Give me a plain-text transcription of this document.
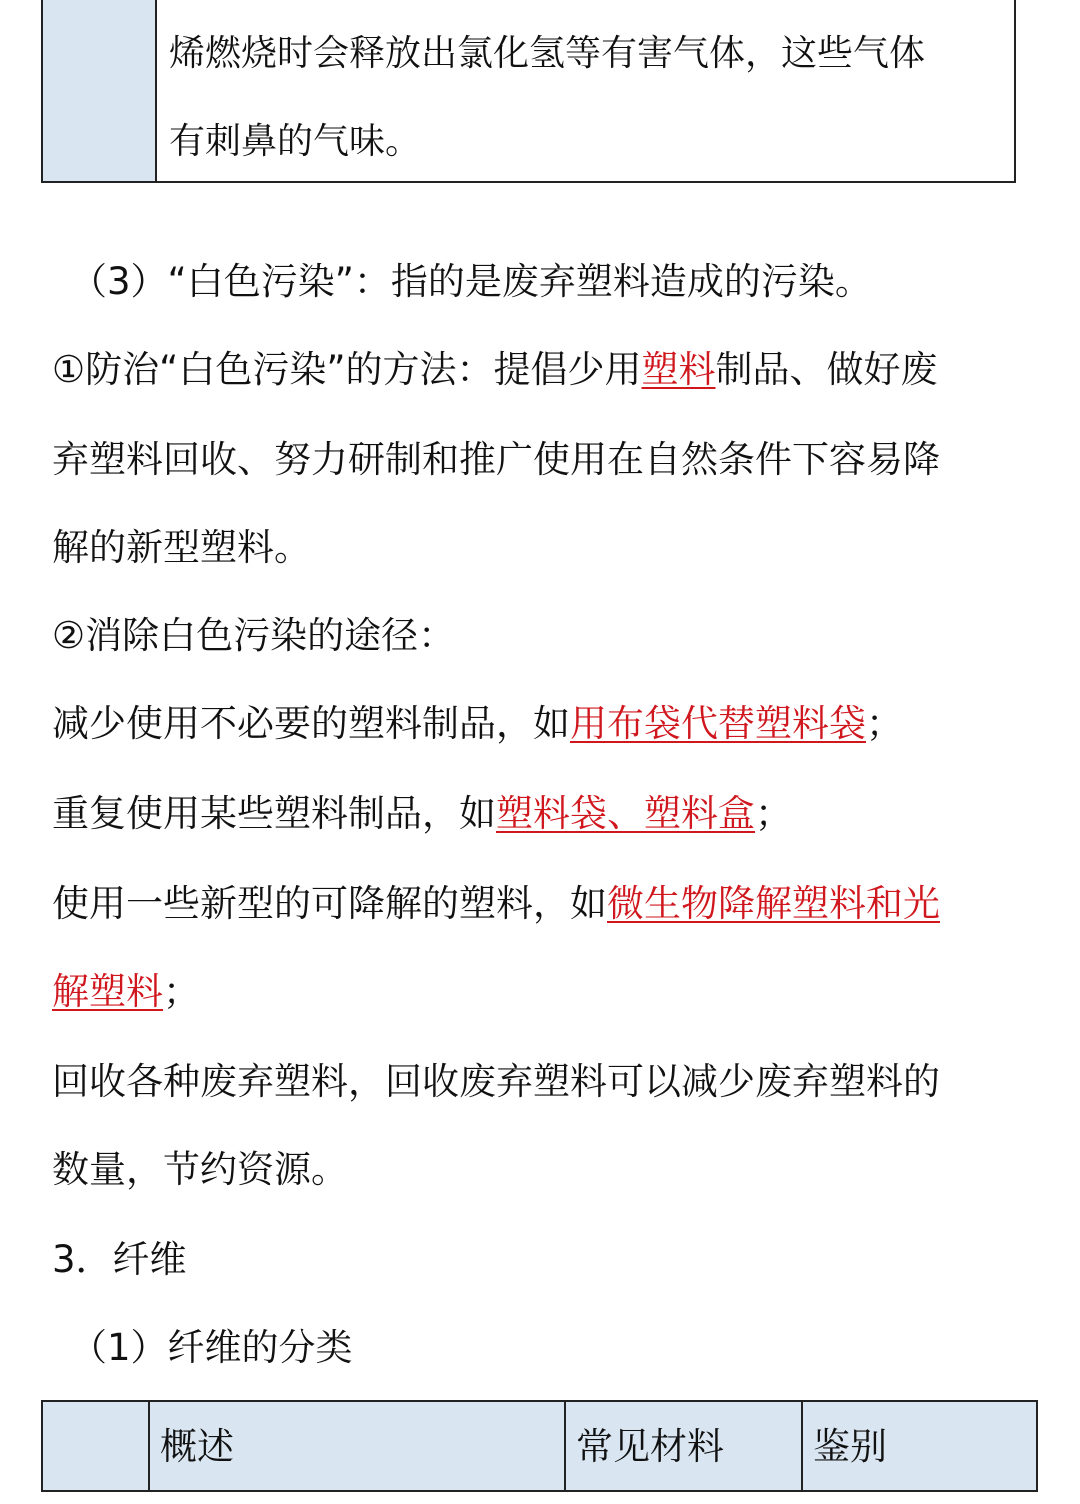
烯燃烧时会释放出氯化氢等有害气体，这些气体
有刺鼻的气味。
（3）“白色污染”：指的是废弃塑料造成的污染。
①防治“白色污染”的方法：提倡少用塑料制品、做好废
弃塑料回收、努力研制和推广使用在自然条件下容易降
解的新型塑料。
②消除白色污染的途径：
减少使用不必要的塑料制品，如用布袋代替塑料袋；
重复使用某些塑料制品，如塑料袋、塑料盒；
使用一些新型的可降解的塑料，如微生物降解塑料和光
解塑料；
回收各种废弃塑料，回收废弃塑料可以减少废弃塑料的
数量，节约资源。
3．纤维
（1）纤维的分类
概述	常见材料	鉴别
